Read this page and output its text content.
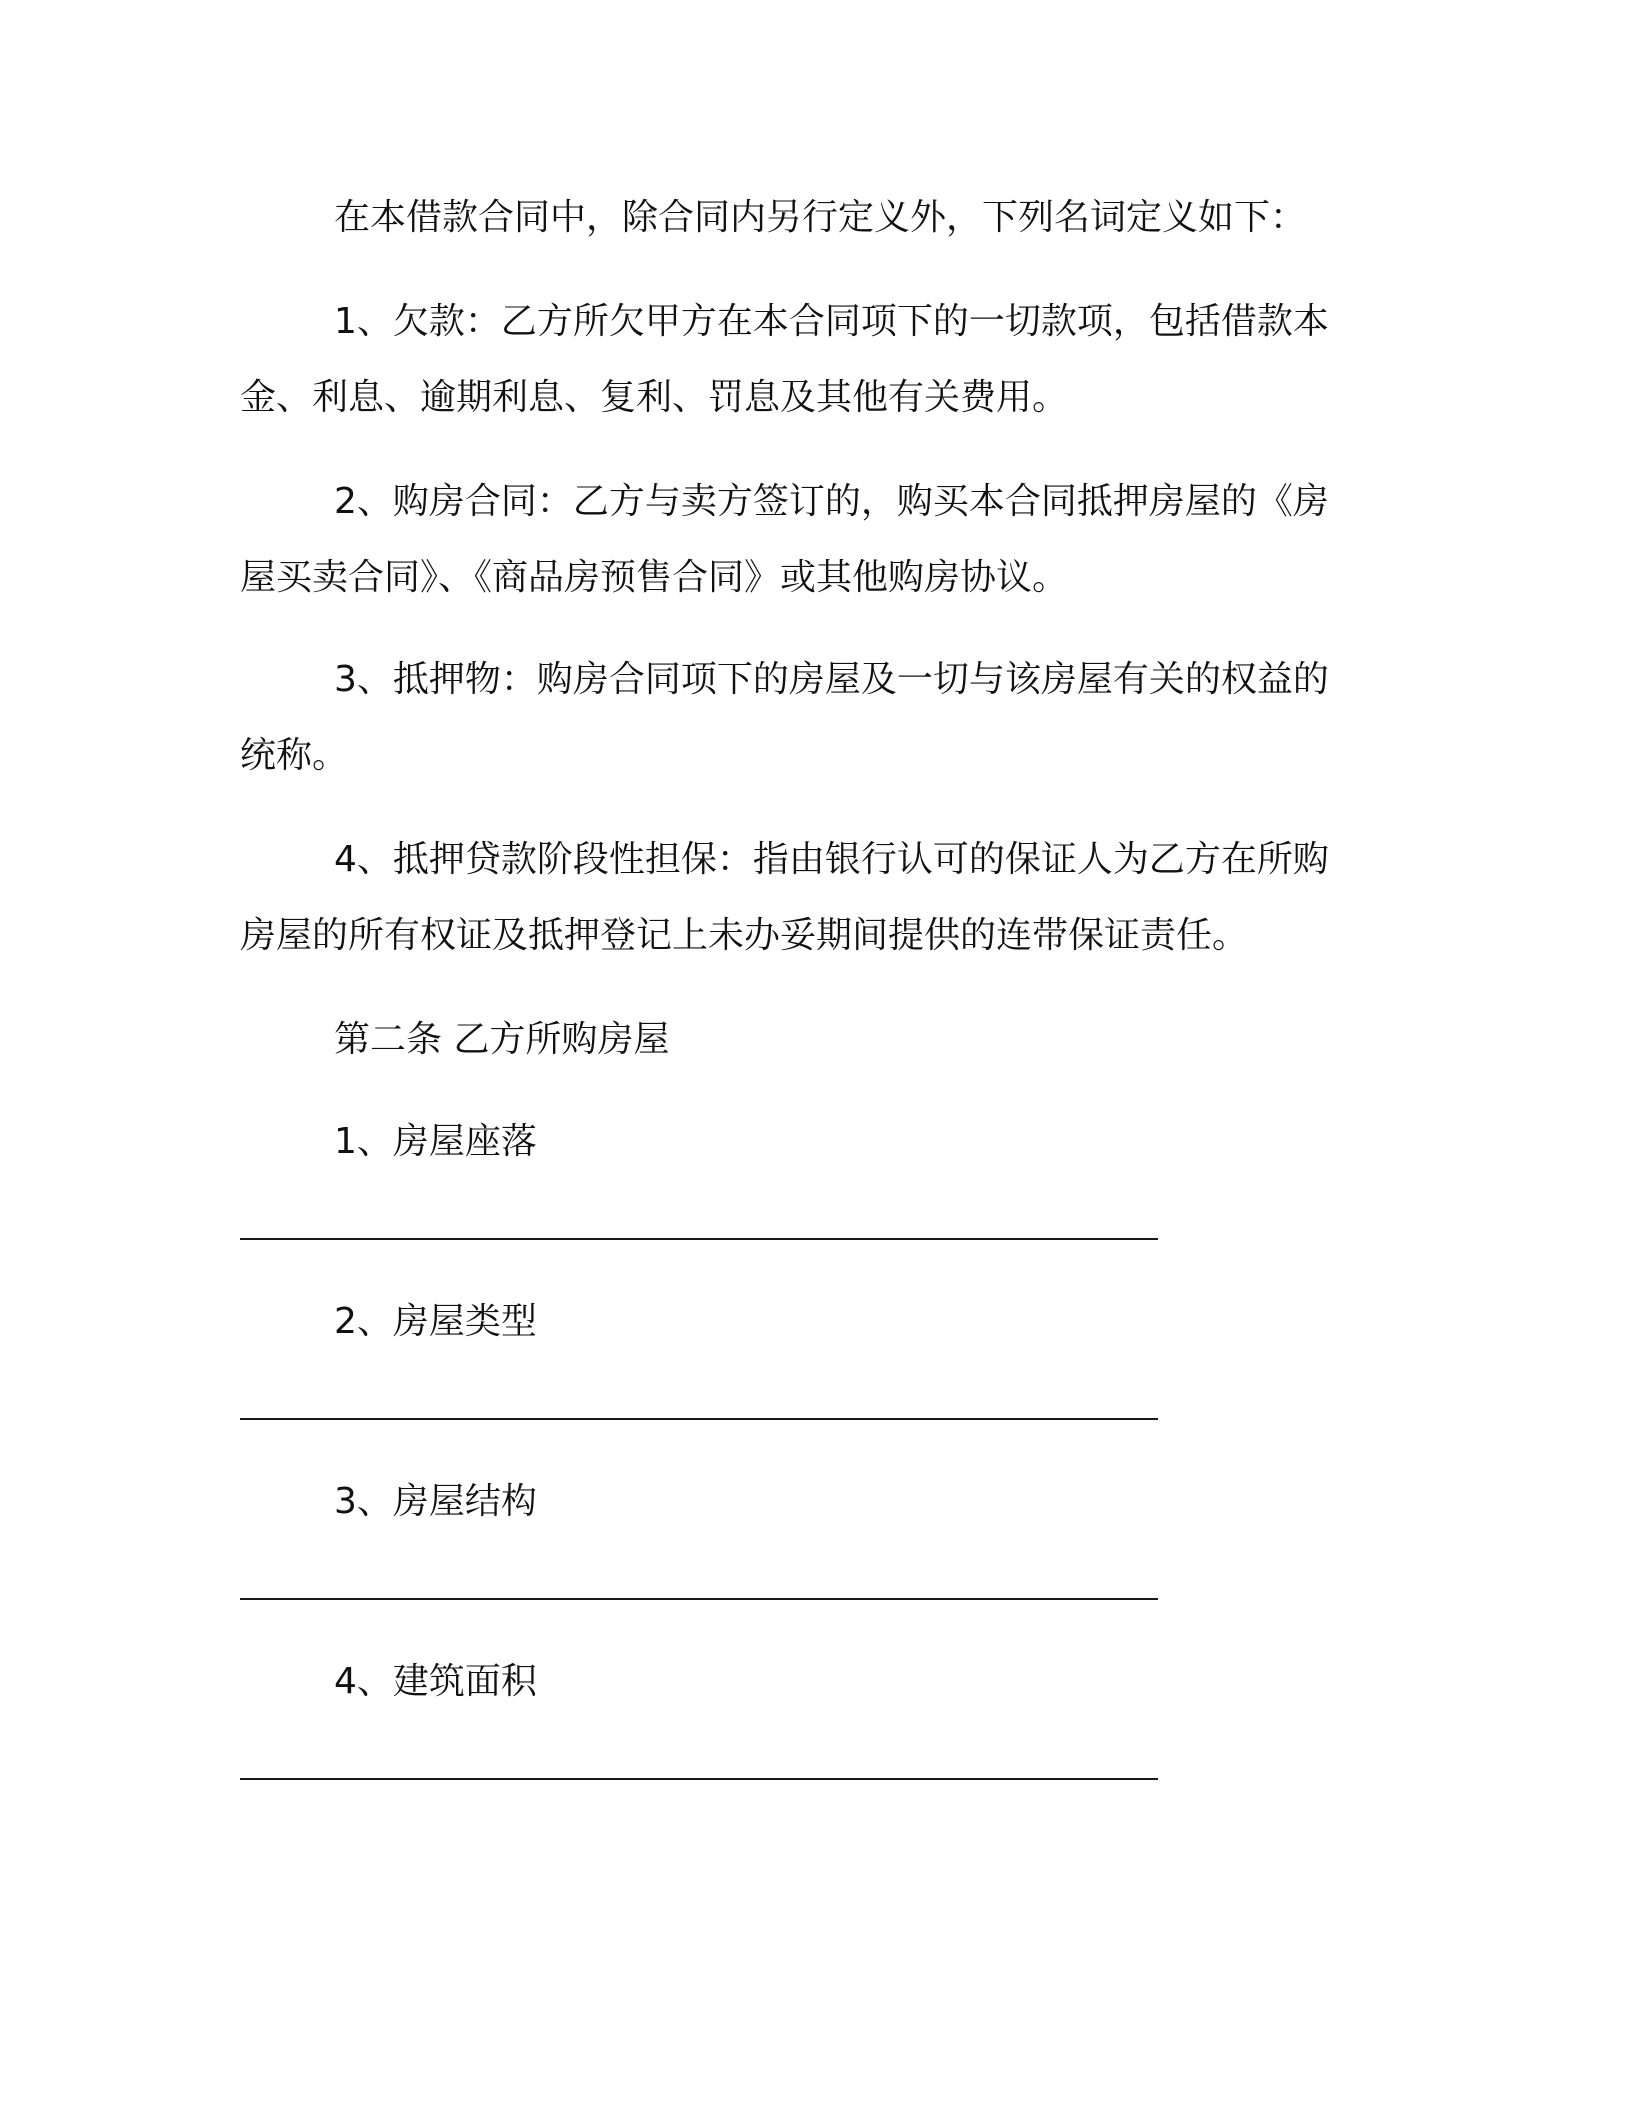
在本借款合同中，除合同内另行定义外，下列名词定义如下：
1、欠款：乙方所欠甲方在本合同项下的一切款项，包括借款本
金、利息、逾期利息、复利、罚息及其他有关费用。
2、购房合同：乙方与卖方签订的，购买本合同抵押房屋的《房
屋买卖合同》、《商品房预售合同》或其他购房协议。
3、抵押物：购房合同项下的房屋及一切与该房屋有关的权益的
统称。
4、抵押贷款阶段性担保：指由银行认可的保证人为乙方在所购
房屋的所有权证及抵押登记上未办妥期间提供的连带保证责任。
第二条 乙方所购房屋
1、房屋座落
2、房屋类型
3、房屋结构
4、建筑面积
